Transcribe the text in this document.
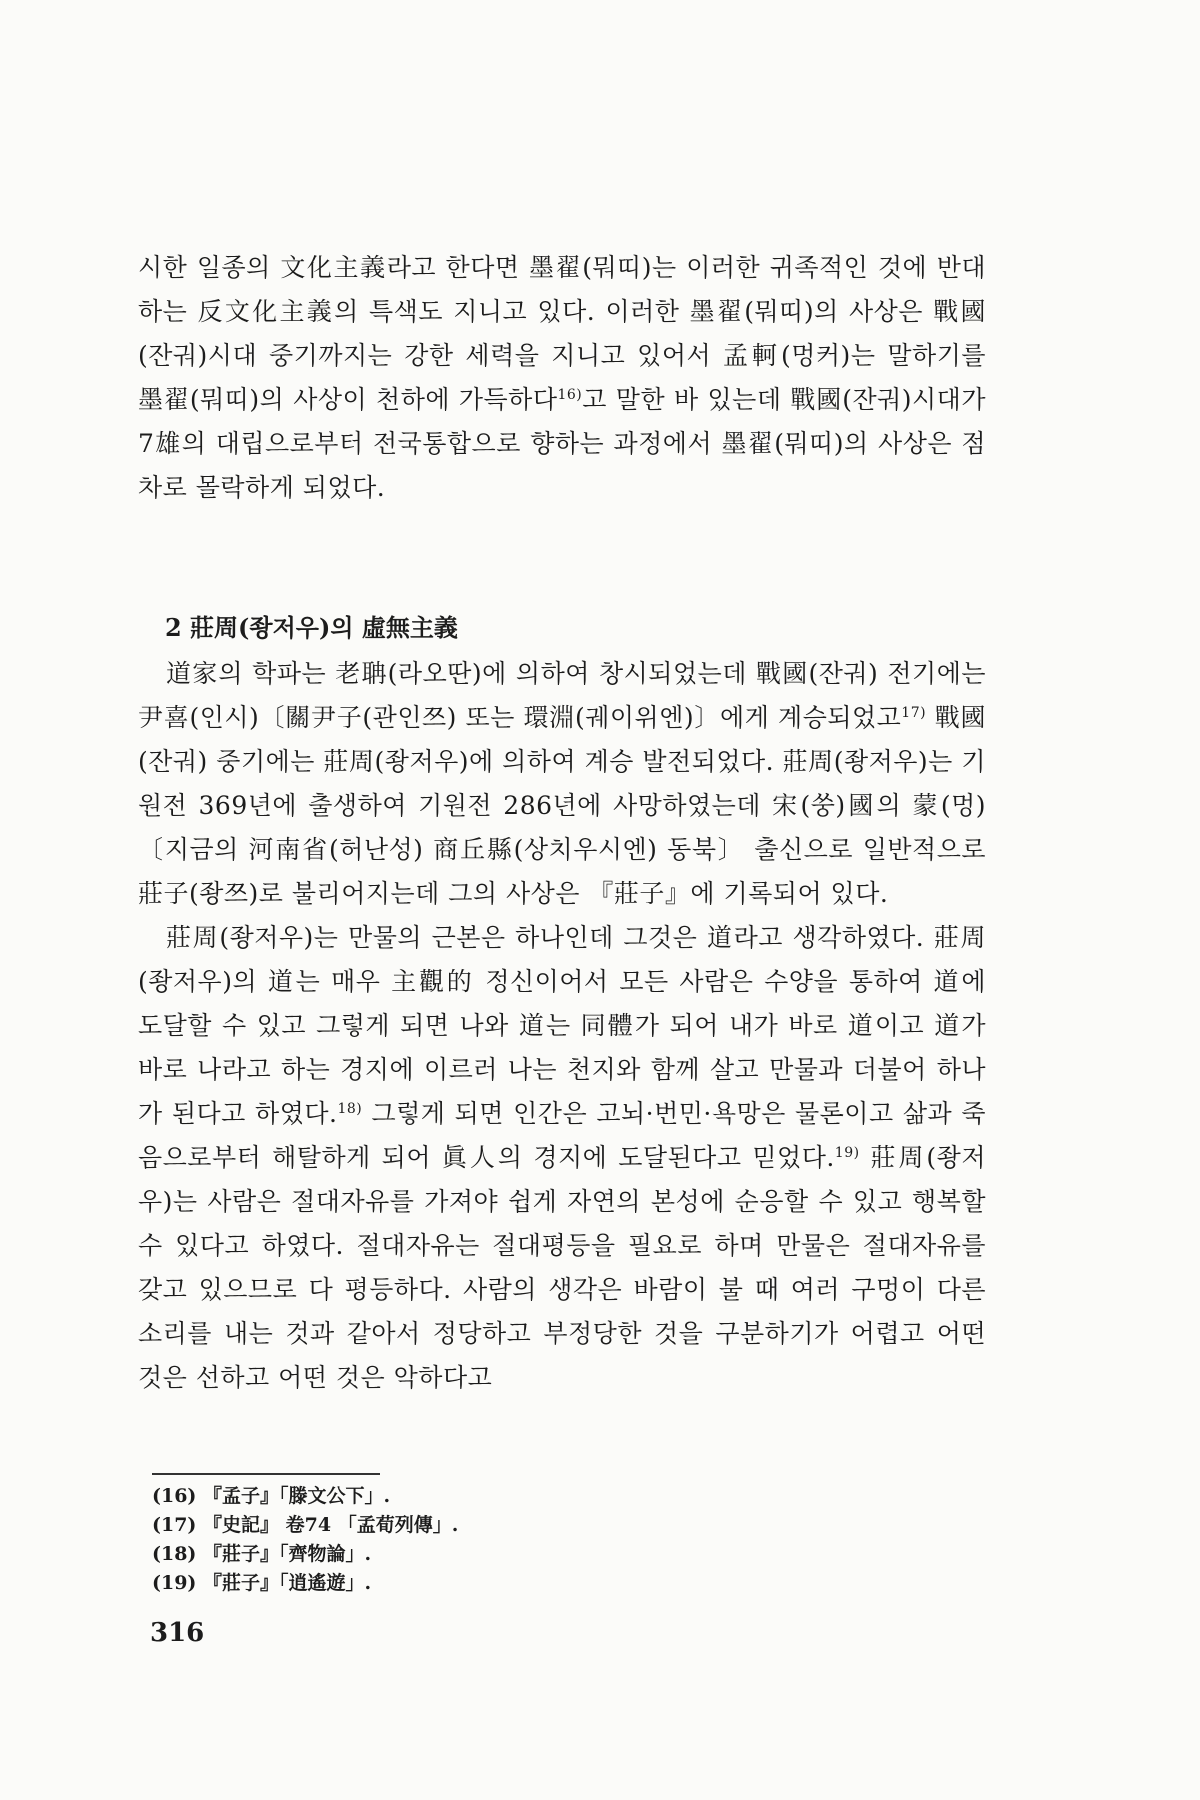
시한 일종의 文化主義라고 한다면 墨翟(뭐띠)는 이러한 귀족적인 것에 반대하는 反文化主義의 특색도 지니고 있다. 이러한 墨翟(뭐띠)의 사상은 戰國(잔궈)시대 중기까지는 강한 세력을 지니고 있어서 孟軻(멍커)는 말하기를 墨翟(뭐띠)의 사상이 천하에 가득하다$^{16)}$고 말한 바 있는데 戰國(잔궈)시대가 7雄의 대립으로부터 전국통합으로 향하는 과정에서 墨翟(뭐띠)의 사상은 점차로 몰락하게 되었다.

2 莊周(좡저우)의 虛無主義

道家의 학파는 老聃(라오딴)에 의하여 창시되었는데 戰國(잔궈) 전기에는 尹喜(인시)〔關尹子(관인쯔) 또는 環淵(궤이위엔)〕에게 계승되었고$^{17)}$ 戰國(잔궈) 중기에는 莊周(좡저우)에 의하여 계승 발전되었다. 莊周(좡저우)는 기원전 369년에 출생하여 기원전 286년에 사망하였는데 宋(쑹)國의 蒙(멍)〔지금의 河南省(허난성) 商丘縣(상치우시엔) 동북〕 출신으로 일반적으로 莊子(좡쯔)로 불리어지는데 그의 사상은 『莊子』에 기록되어 있다.

莊周(좡저우)는 만물의 근본은 하나인데 그것은 道라고 생각하였다. 莊周(좡저우)의 道는 매우 主觀的 정신이어서 모든 사람은 수양을 통하여 道에 도달할 수 있고 그렇게 되면 나와 道는 同體가 되어 내가 바로 道이고 道가 바로 나라고 하는 경지에 이르러 나는 천지와 함께 살고 만물과 더불어 하나가 된다고 하였다.$^{18)}$ 그렇게 되면 인간은 고뇌·번민·욕망은 물론이고 삶과 죽음으로부터 해탈하게 되어 眞人의 경지에 도달된다고 믿었다.$^{19)}$ 莊周(좡저우)는 사람은 절대자유를 가져야 쉽게 자연의 본성에 순응할 수 있고 행복할 수 있다고 하였다. 절대자유는 절대평등을 필요로 하며 만물은 절대자유를 갖고 있으므로 다 평등하다. 사람의 생각은 바람이 불 때 여러 구멍이 다른 소리를 내는 것과 같아서 정당하고 부정당한 것을 구분하기가 어렵고 어떤 것은 선하고 어떤 것은 악하다고

(16) 『孟子』「滕文公下」.
(17) 『史記』 卷74 「孟荀列傳」.
(18) 『莊子』「齊物論」.
(19) 『莊子』「逍遙遊」.
316
